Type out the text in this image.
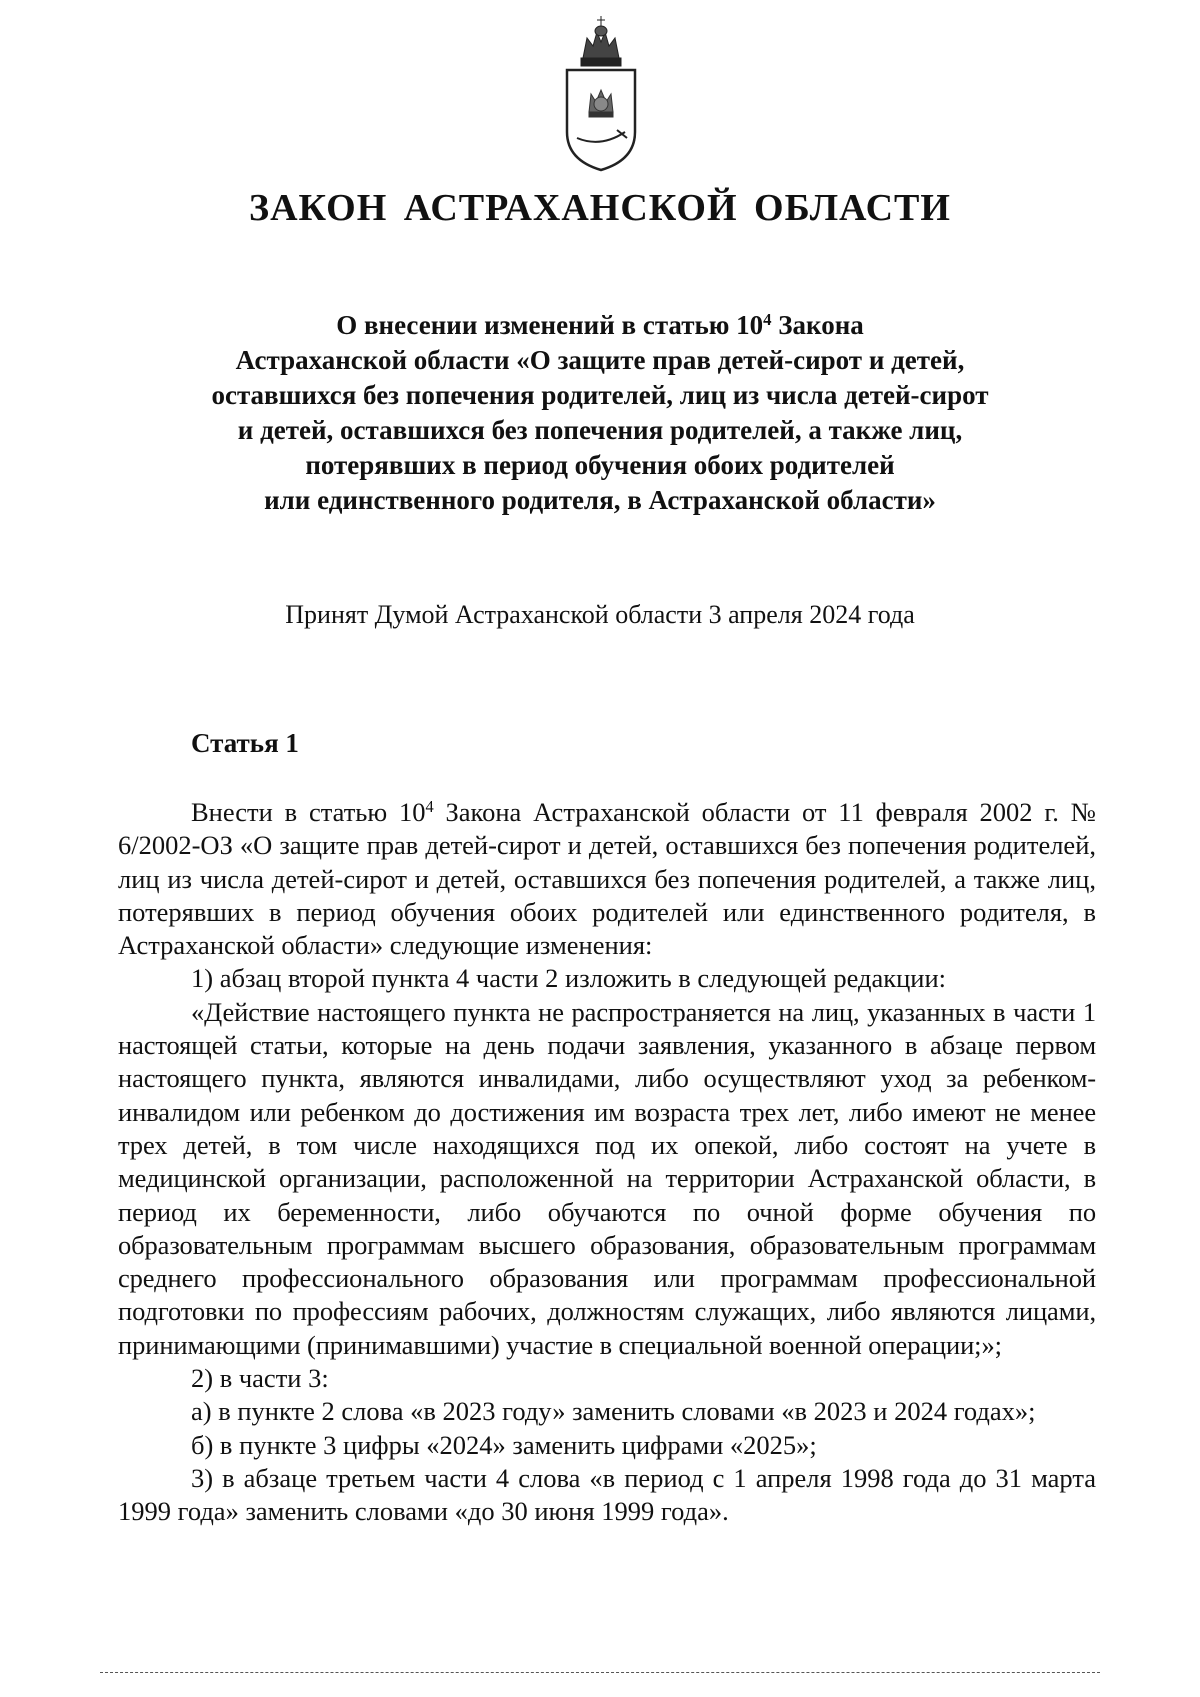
ЗАКОН АСТРАХАНСКОЙ ОБЛАСТИ
О внесении изменений в статью $10^4$ Закона
Астраханской области «О защите прав детей-сирот и детей,
оставшихся без попечения родителей, лиц из числа детей-сирот
и детей, оставшихся без попечения родителей, а также лиц,
потерявших в период обучения обоих родителей
или единственного родителя, в Астраханской области»
Принят Думой Астраханской области 3 апреля 2024 года
Статья 1

Внести в статью $10^4$ Закона Астраханской области от 11 февраля 2002 г. № 6/2002-ОЗ «О защите прав детей-сирот и детей, оставшихся без попечения родителей, лиц из числа детей-сирот и детей, оставшихся без попечения родителей, а также лиц, потерявших в период обучения обоих родителей или единственного родителя, в Астраханской области» следующие изменения:

1) абзац второй пункта 4 части 2 изложить в следующей редакции:

«Действие настоящего пункта не распространяется на лиц, указанных в части 1 настоящей статьи, которые на день подачи заявления, указанного в абзаце первом настоящего пункта, являются инвалидами, либо осуществляют уход за ребенком-инвалидом или ребенком до достижения им возраста трех лет, либо имеют не менее трех детей, в том числе находящихся под их опекой, либо состоят на учете в медицинской организации, расположенной на территории Астраханской области, в период их беременности, либо обучаются по очной форме обучения по образовательным программам высшего образования, образовательным программам среднего профессионального образования или программам профессиональной подготовки по профессиям рабочих, должностям служащих, либо являются лицами, принимающими (принимавшими) участие в специальной военной операции;»;

2) в части 3:

а) в пункте 2 слова «в 2023 году» заменить словами «в 2023 и 2024 годах»;

б) в пункте 3 цифры «2024» заменить цифрами «2025»;

3) в абзаце третьем части 4 слова «в период с 1 апреля 1998 года до 31 марта 1999 года» заменить словами «до 30 июня 1999 года».
